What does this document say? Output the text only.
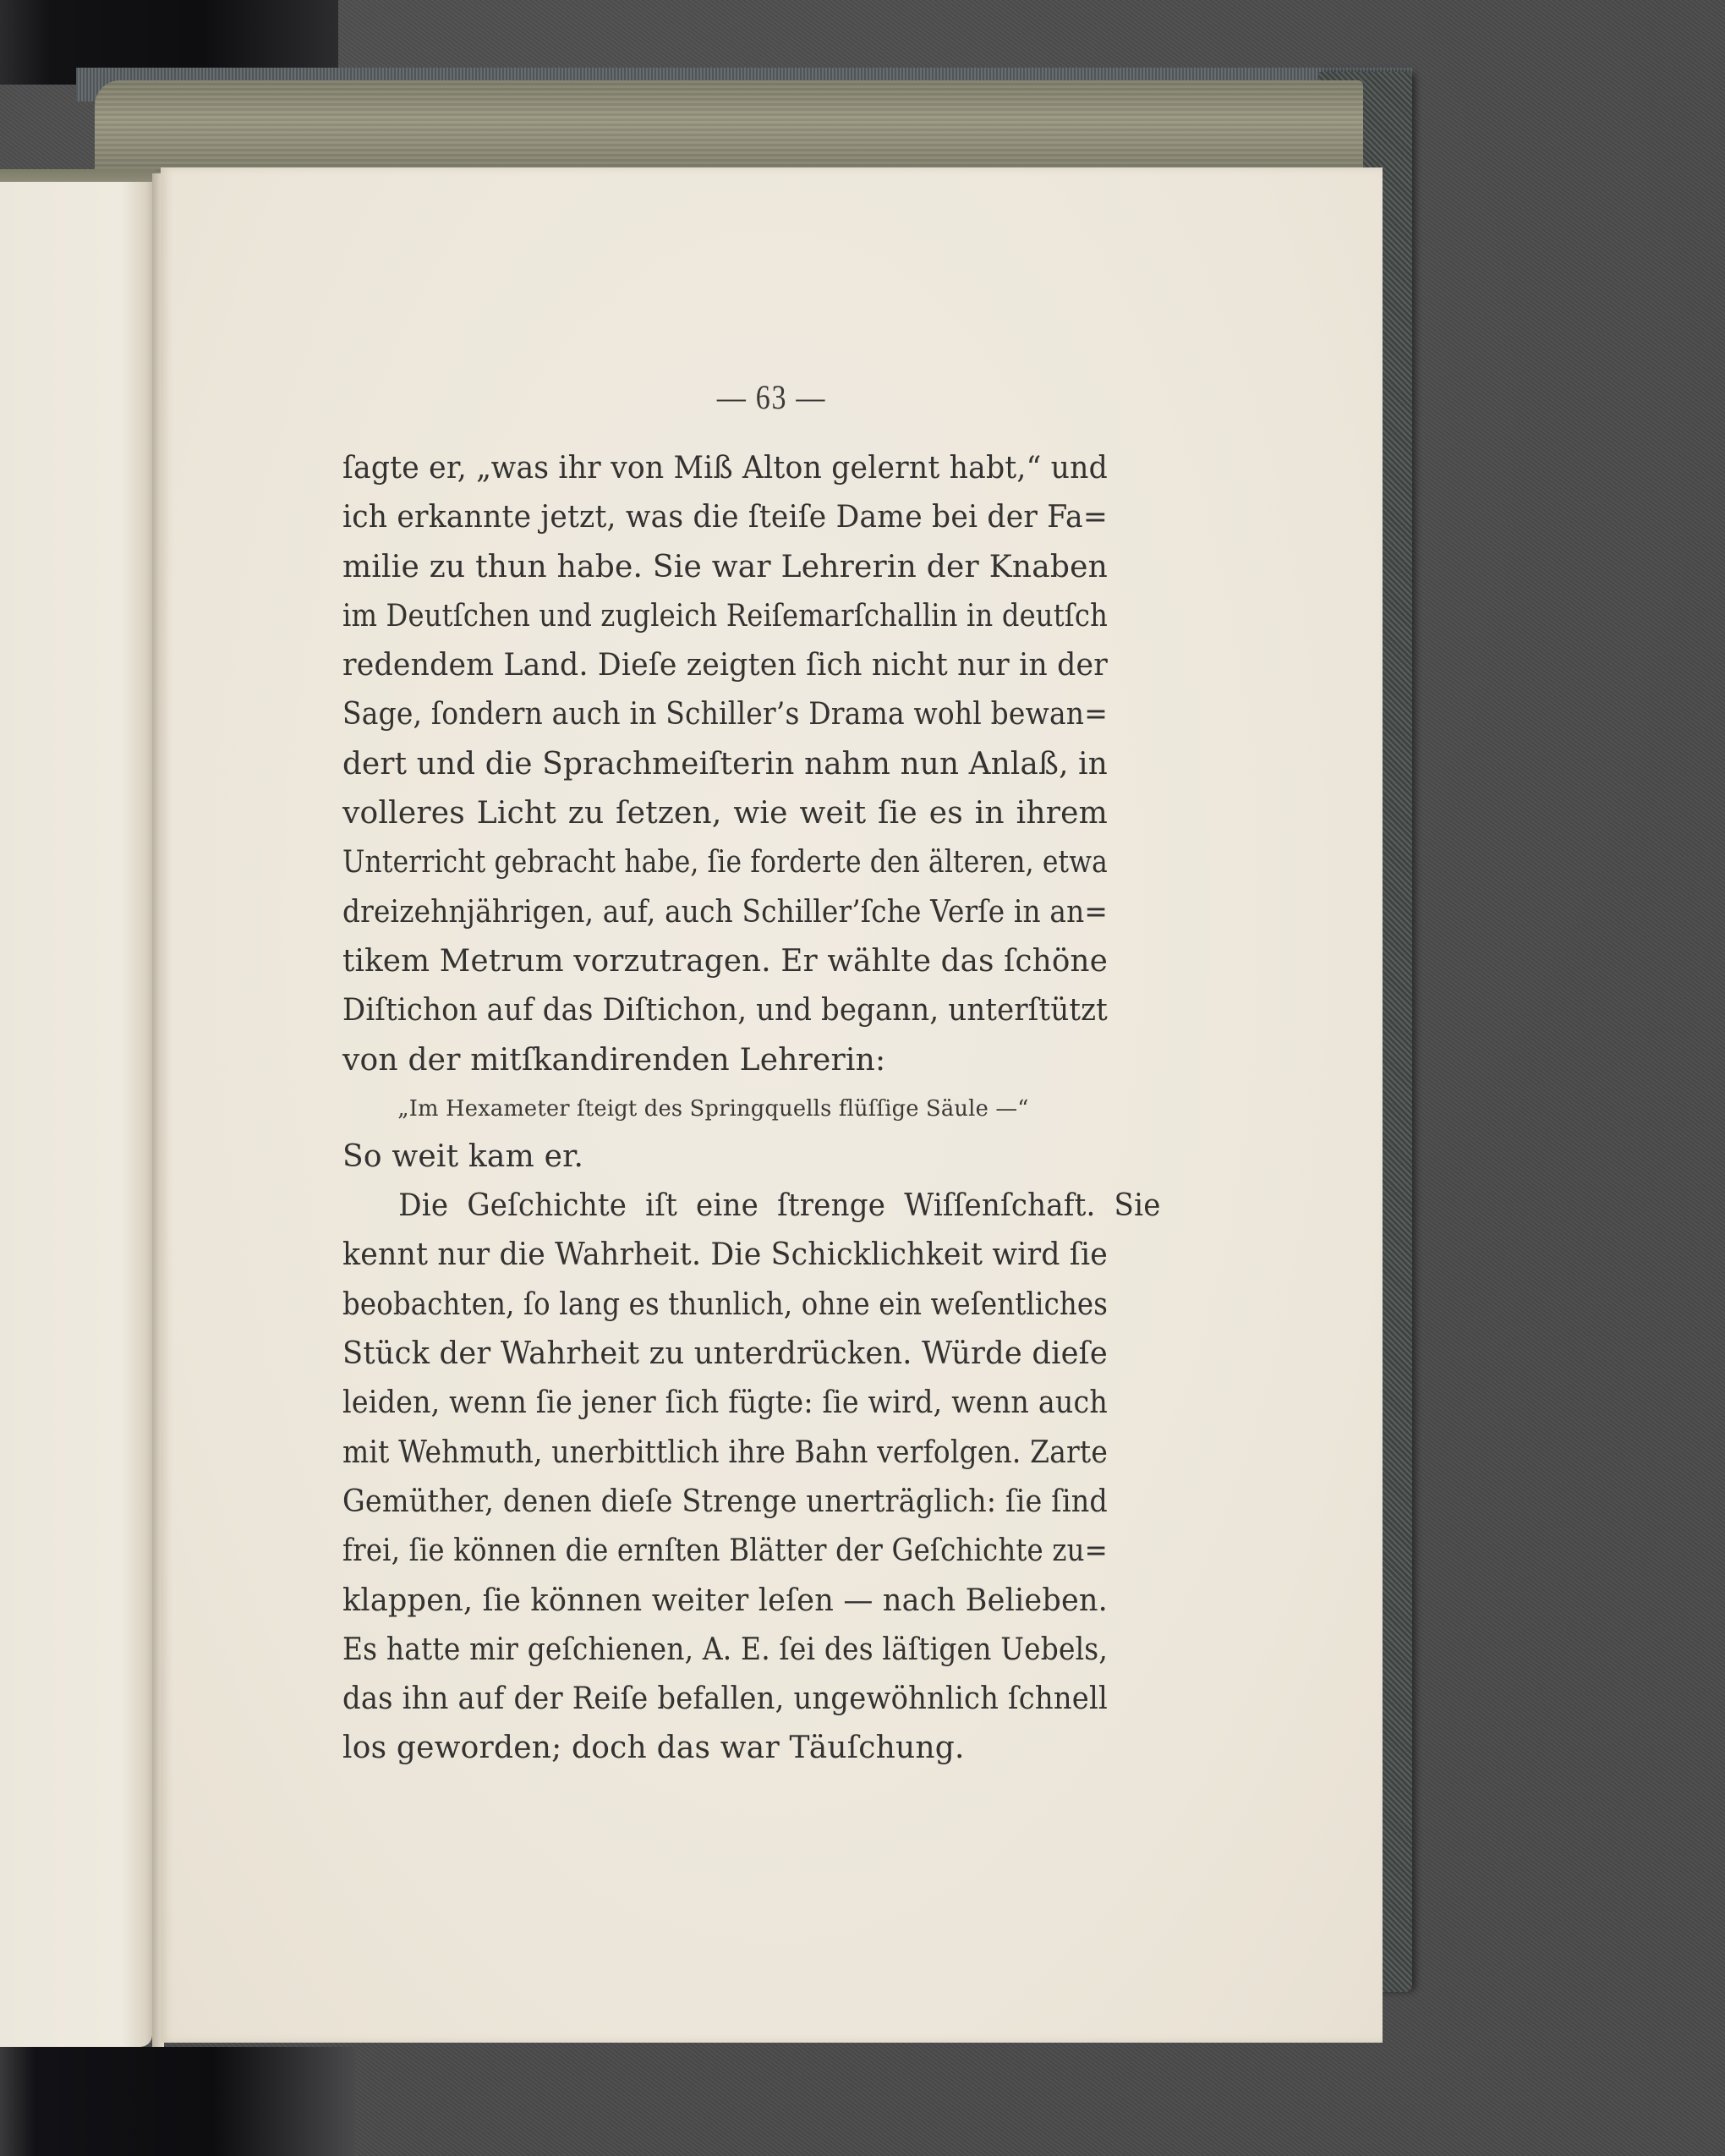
— 63 —
ſagte er, „was ihr von Miß Alton gelernt habt,“ und
ich erkannte jetzt, was die ſteiſe Dame bei der Fa=
milie zu thun habe. Sie war Lehrerin der Knaben
im Deutſchen und zugleich Reiſemarſchallin in deutſch
redendem Land. Dieſe zeigten ſich nicht nur in der
Sage, ſondern auch in Schiller’s Drama wohl bewan=
dert und die Sprachmeiſterin nahm nun Anlaß, in
volleres Licht zu ſetzen, wie weit ſie es in ihrem
Unterricht gebracht habe, ſie forderte den älteren, etwa
dreizehnjährigen, auf, auch Schiller’ſche Verſe in an=
tikem Metrum vorzutragen. Er wählte das ſchöne
Diſtichon auf das Diſtichon, und begann, unterſtützt
von der mitſkandirenden Lehrerin:
„Im Hexameter ſteigt des Springquells flüſſige Säule —“
So weit kam er.
Die Geſchichte iſt eine ſtrenge Wiſſenſchaft. Sie
kennt nur die Wahrheit. Die Schicklichkeit wird ſie
beobachten, ſo lang es thunlich, ohne ein weſentliches
Stück der Wahrheit zu unterdrücken. Würde dieſe
leiden, wenn ſie jener ſich fügte: ſie wird, wenn auch
mit Wehmuth, unerbittlich ihre Bahn verfolgen. Zarte
Gemüther, denen dieſe Strenge unerträglich: ſie ſind
frei, ſie können die ernſten Blätter der Geſchichte zu=
klappen, ſie können weiter leſen — nach Belieben.
Es hatte mir geſchienen, A. E. ſei des läſtigen Uebels,
das ihn auf der Reiſe befallen, ungewöhnlich ſchnell
los geworden; doch das war Täuſchung.
